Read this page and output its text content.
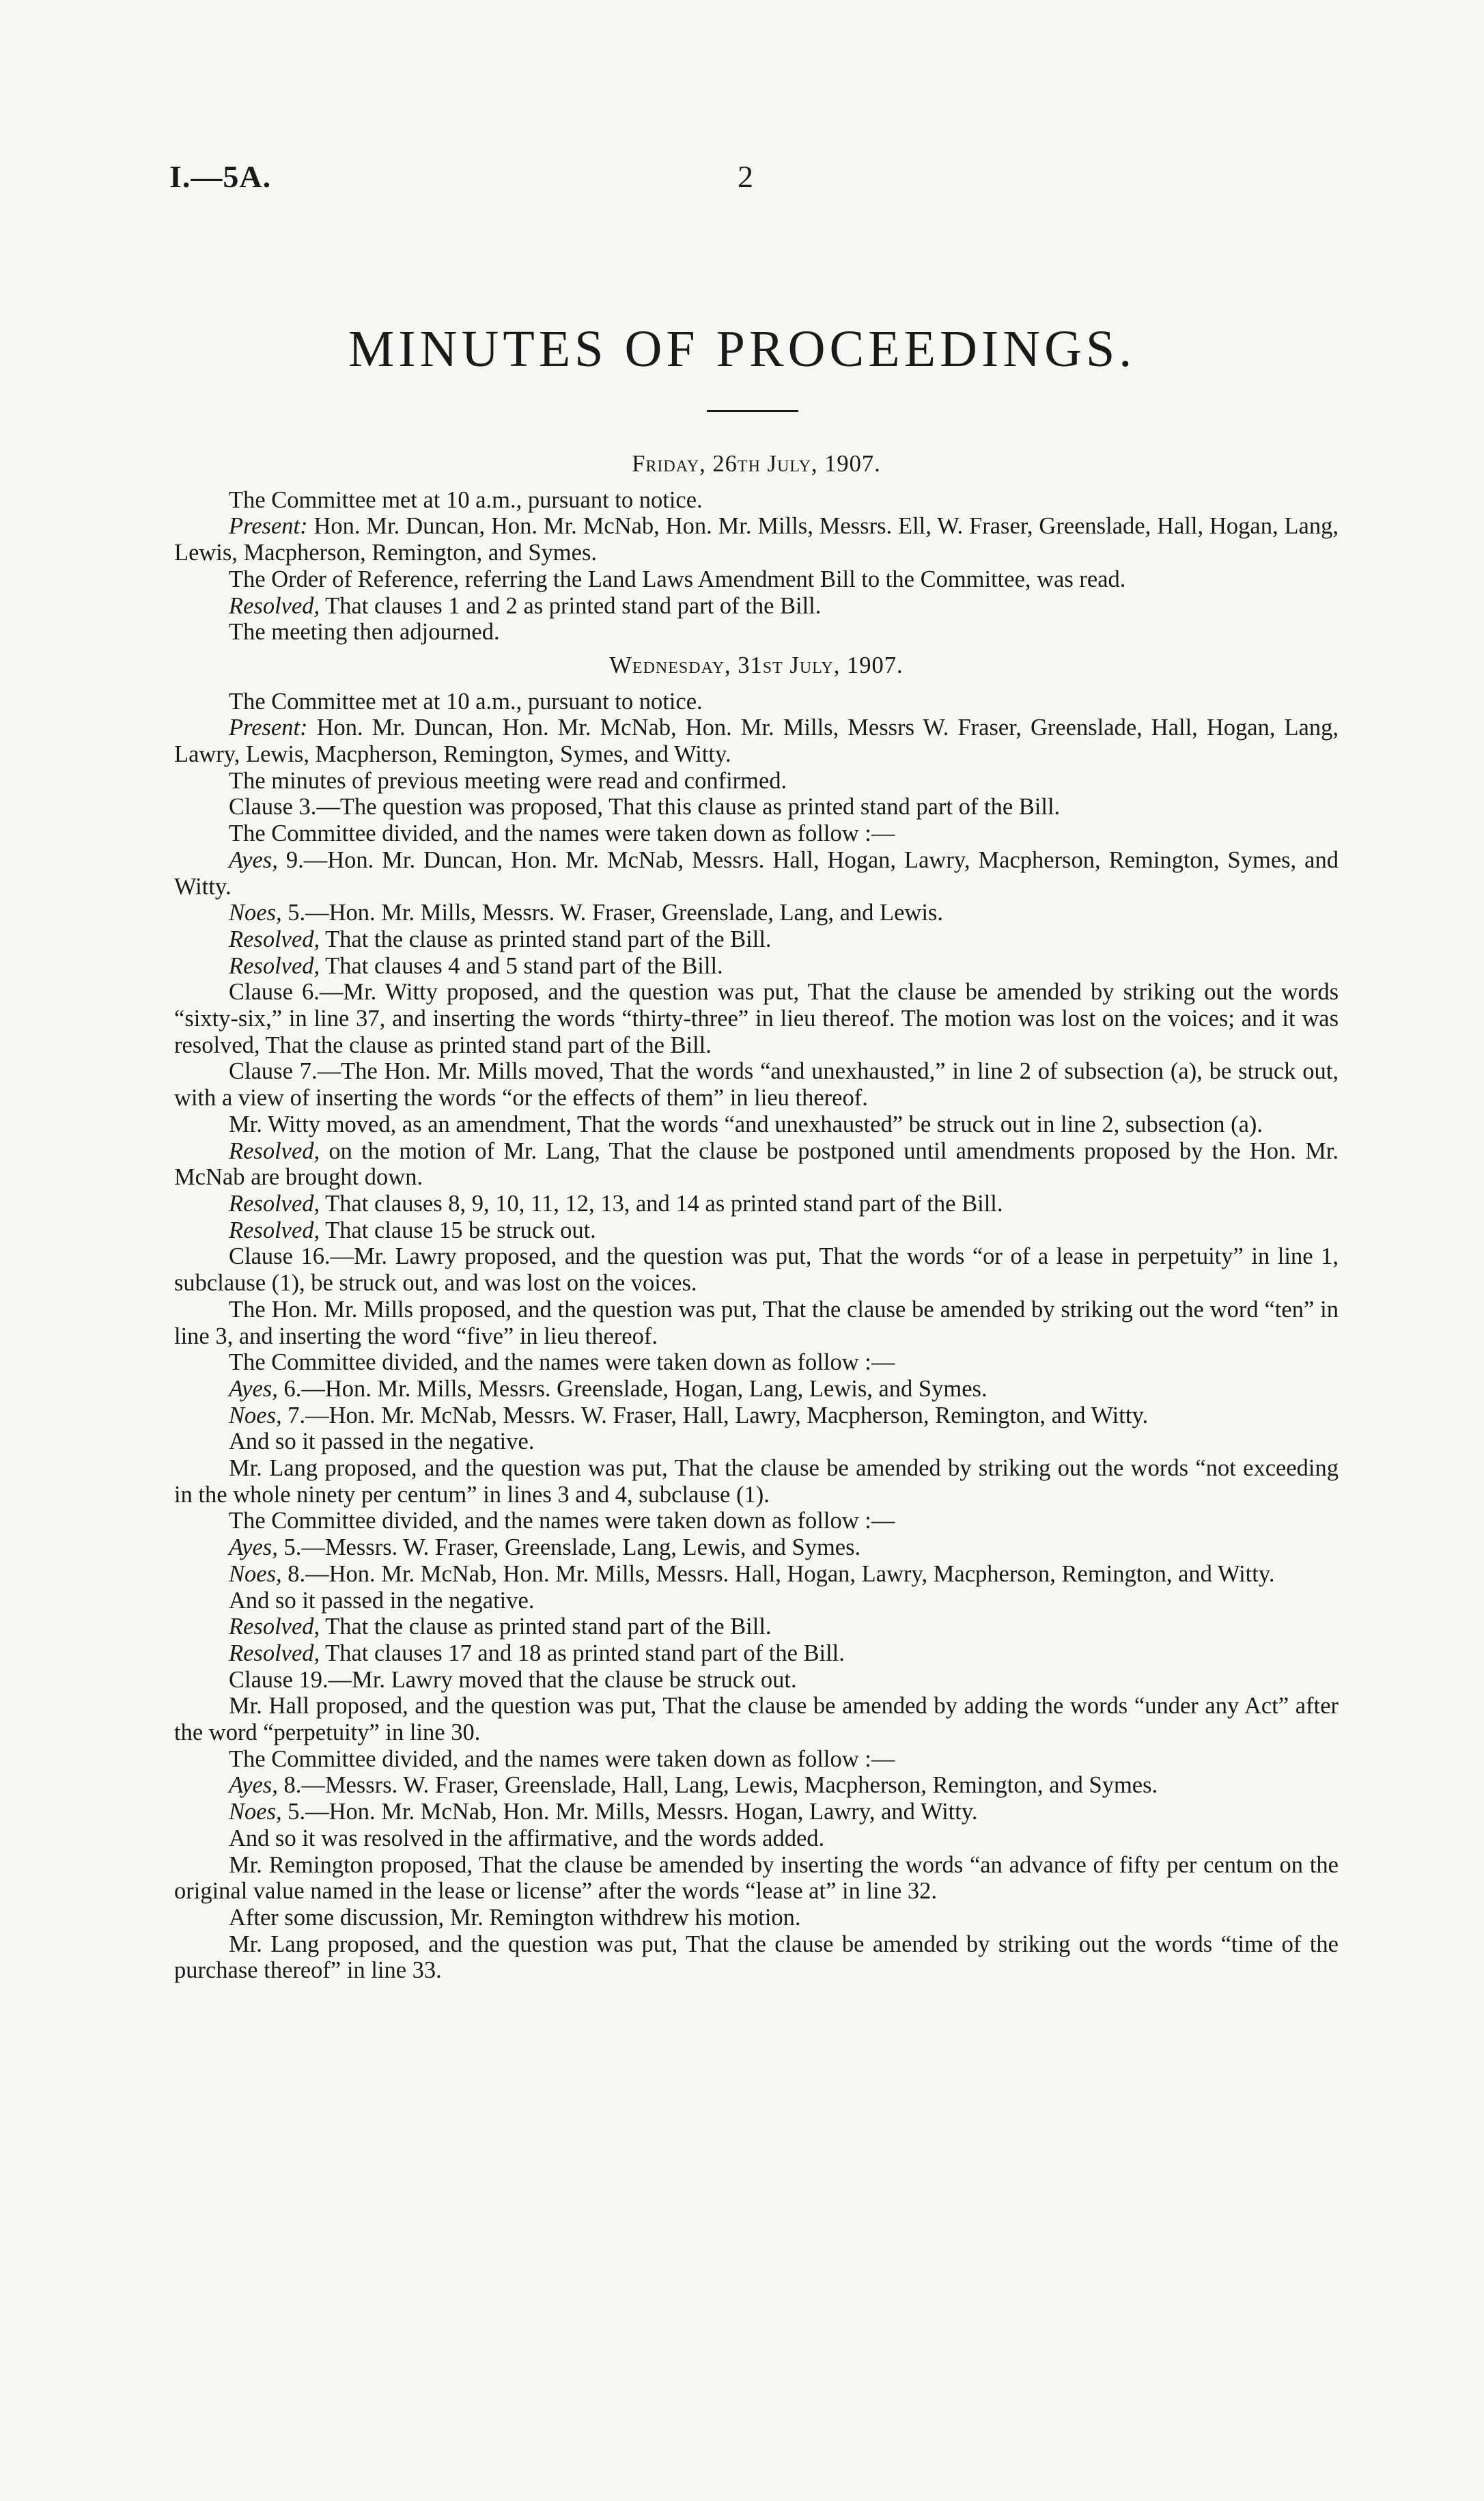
I.—5A.	2
MINUTES OF PROCEEDINGS.
Friday, 26th July, 1907.

The Committee met at 10 a.m., pursuant to notice.

Present: Hon. Mr. Duncan, Hon. Mr. McNab, Hon. Mr. Mills, Messrs. Ell, W. Fraser, Greenslade, Hall, Hogan, Lang, Lewis, Macpherson, Remington, and Symes.

The Order of Reference, referring the Land Laws Amendment Bill to the Committee, was read.

Resolved, That clauses 1 and 2 as printed stand part of the Bill.

The meeting then adjourned.

Wednesday, 31st July, 1907.

The Committee met at 10 a.m., pursuant to notice.

Present: Hon. Mr. Duncan, Hon. Mr. McNab, Hon. Mr. Mills, Messrs W. Fraser, Greenslade, Hall, Hogan, Lang, Lawry, Lewis, Macpherson, Remington, Symes, and Witty.

The minutes of previous meeting were read and confirmed.

Clause 3.—The question was proposed, That this clause as printed stand part of the Bill.

The Committee divided, and the names were taken down as follow :—

Ayes, 9.—Hon. Mr. Duncan, Hon. Mr. McNab, Messrs. Hall, Hogan, Lawry, Macpherson, Remington, Symes, and Witty.

Noes, 5.—Hon. Mr. Mills, Messrs. W. Fraser, Greenslade, Lang, and Lewis.

Resolved, That the clause as printed stand part of the Bill.

Resolved, That clauses 4 and 5 stand part of the Bill.

Clause 6.—Mr. Witty proposed, and the question was put, That the clause be amended by striking out the words “sixty-six,” in line 37, and inserting the words “thirty-three” in lieu thereof. The motion was lost on the voices; and it was resolved, That the clause as printed stand part of the Bill.

Clause 7.—The Hon. Mr. Mills moved, That the words “and unexhausted,” in line 2 of subsection (a), be struck out, with a view of inserting the words “or the effects of them” in lieu thereof.

Mr. Witty moved, as an amendment, That the words “and unexhausted” be struck out in line 2, subsection (a).

Resolved, on the motion of Mr. Lang, That the clause be postponed until amendments proposed by the Hon. Mr. McNab are brought down.

Resolved, That clauses 8, 9, 10, 11, 12, 13, and 14 as printed stand part of the Bill.

Resolved, That clause 15 be struck out.

Clause 16.—Mr. Lawry proposed, and the question was put, That the words “or of a lease in perpetuity” in line 1, subclause (1), be struck out, and was lost on the voices.

The Hon. Mr. Mills proposed, and the question was put, That the clause be amended by striking out the word “ten” in line 3, and inserting the word “five” in lieu thereof.

The Committee divided, and the names were taken down as follow :—

Ayes, 6.—Hon. Mr. Mills, Messrs. Greenslade, Hogan, Lang, Lewis, and Symes.

Noes, 7.—Hon. Mr. McNab, Messrs. W. Fraser, Hall, Lawry, Macpherson, Remington, and Witty.

And so it passed in the negative.

Mr. Lang proposed, and the question was put, That the clause be amended by striking out the words “not exceeding in the whole ninety per centum” in lines 3 and 4, subclause (1).

The Committee divided, and the names were taken down as follow :—

Ayes, 5.—Messrs. W. Fraser, Greenslade, Lang, Lewis, and Symes.

Noes, 8.—Hon. Mr. McNab, Hon. Mr. Mills, Messrs. Hall, Hogan, Lawry, Macpherson, Remington, and Witty.

And so it passed in the negative.

Resolved, That the clause as printed stand part of the Bill.

Resolved, That clauses 17 and 18 as printed stand part of the Bill.

Clause 19.—Mr. Lawry moved that the clause be struck out.

Mr. Hall proposed, and the question was put, That the clause be amended by adding the words “under any Act” after the word “perpetuity” in line 30.

The Committee divided, and the names were taken down as follow :—

Ayes, 8.—Messrs. W. Fraser, Greenslade, Hall, Lang, Lewis, Macpherson, Remington, and Symes.

Noes, 5.—Hon. Mr. McNab, Hon. Mr. Mills, Messrs. Hogan, Lawry, and Witty.

And so it was resolved in the affirmative, and the words added.

Mr. Remington proposed, That the clause be amended by inserting the words “an advance of fifty per centum on the original value named in the lease or license” after the words “lease at” in line 32.

After some discussion, Mr. Remington withdrew his motion.

Mr. Lang proposed, and the question was put, That the clause be amended by striking out the words “time of the purchase thereof” in line 33.
